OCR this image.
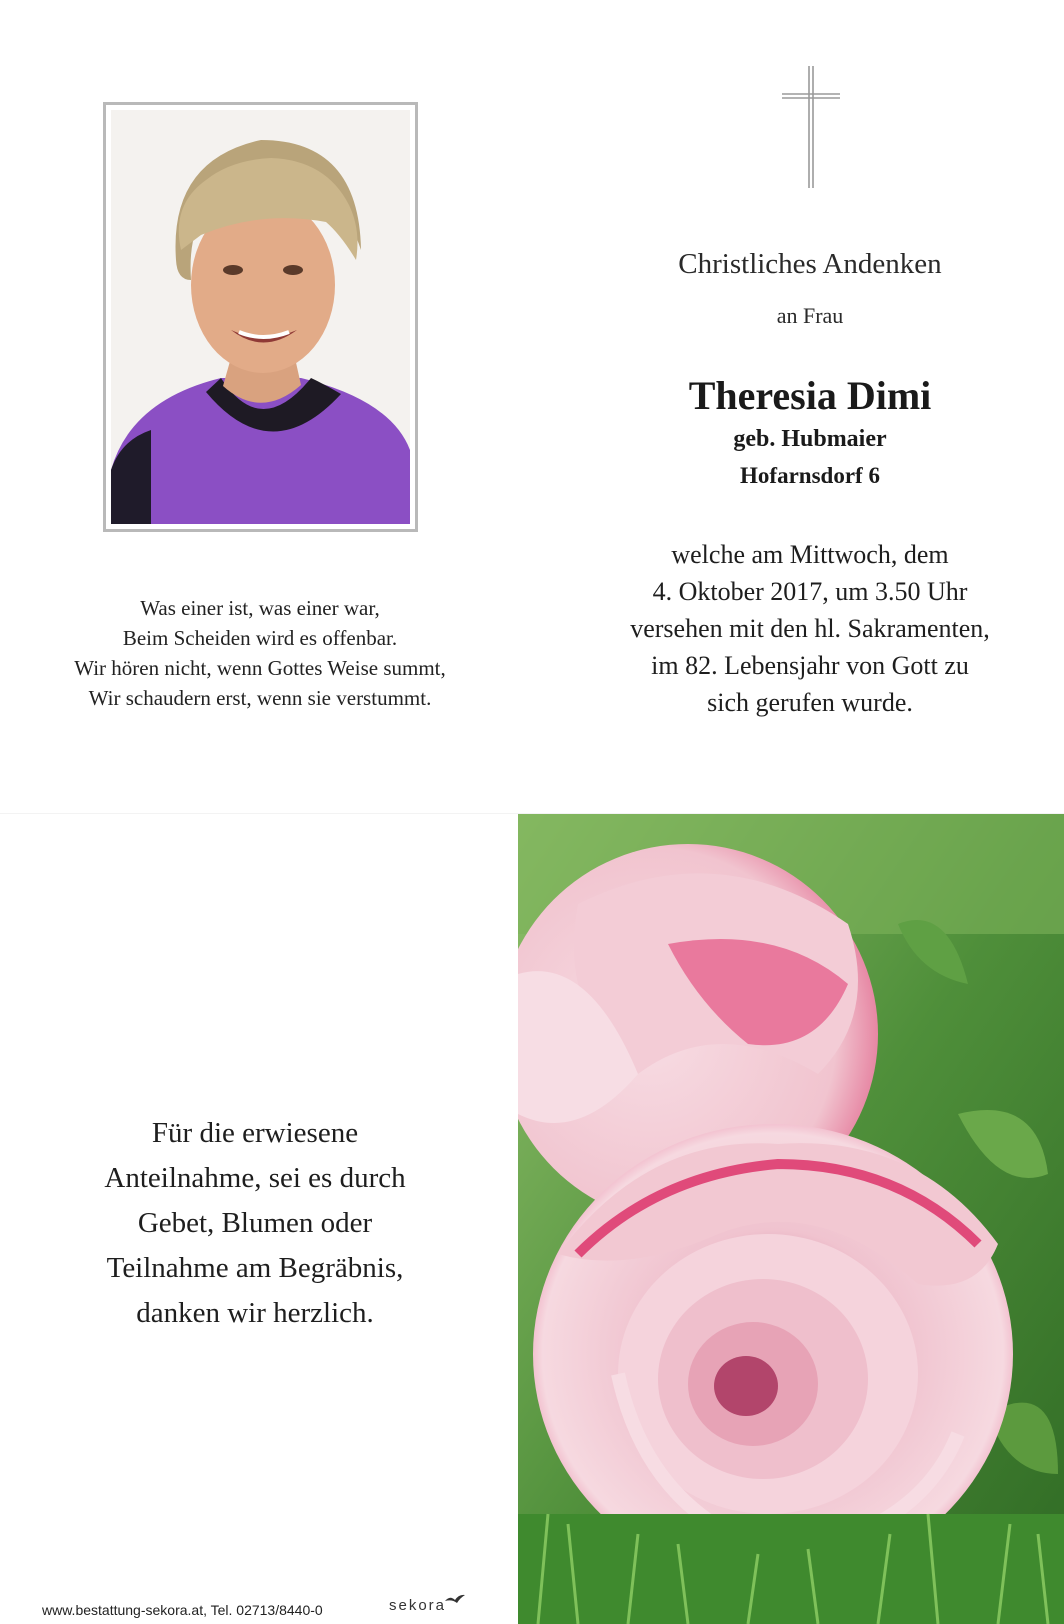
Was einer ist, was einer war,
Beim Scheiden wird es offenbar.
Wir hören nicht, wenn Gottes Weise summt,
Wir schaudern erst, wenn sie verstummt.
Christliches Andenken
an Frau
Theresia Dimi
geb. Hubmaier
Hofarnsdorf 6
welche am Mittwoch, dem
4. Oktober 2017, um 3.50 Uhr
versehen mit den hl. Sakramenten,
im 82. Lebensjahr von Gott zu
sich gerufen wurde.
Für die erwiesene
Anteilnahme, sei es durch
Gebet, Blumen oder
Teilnahme am Begräbnis,
danken wir herzlich.
www.bestattung-sekora.at, Tel. 02713/8440-0	sekora
